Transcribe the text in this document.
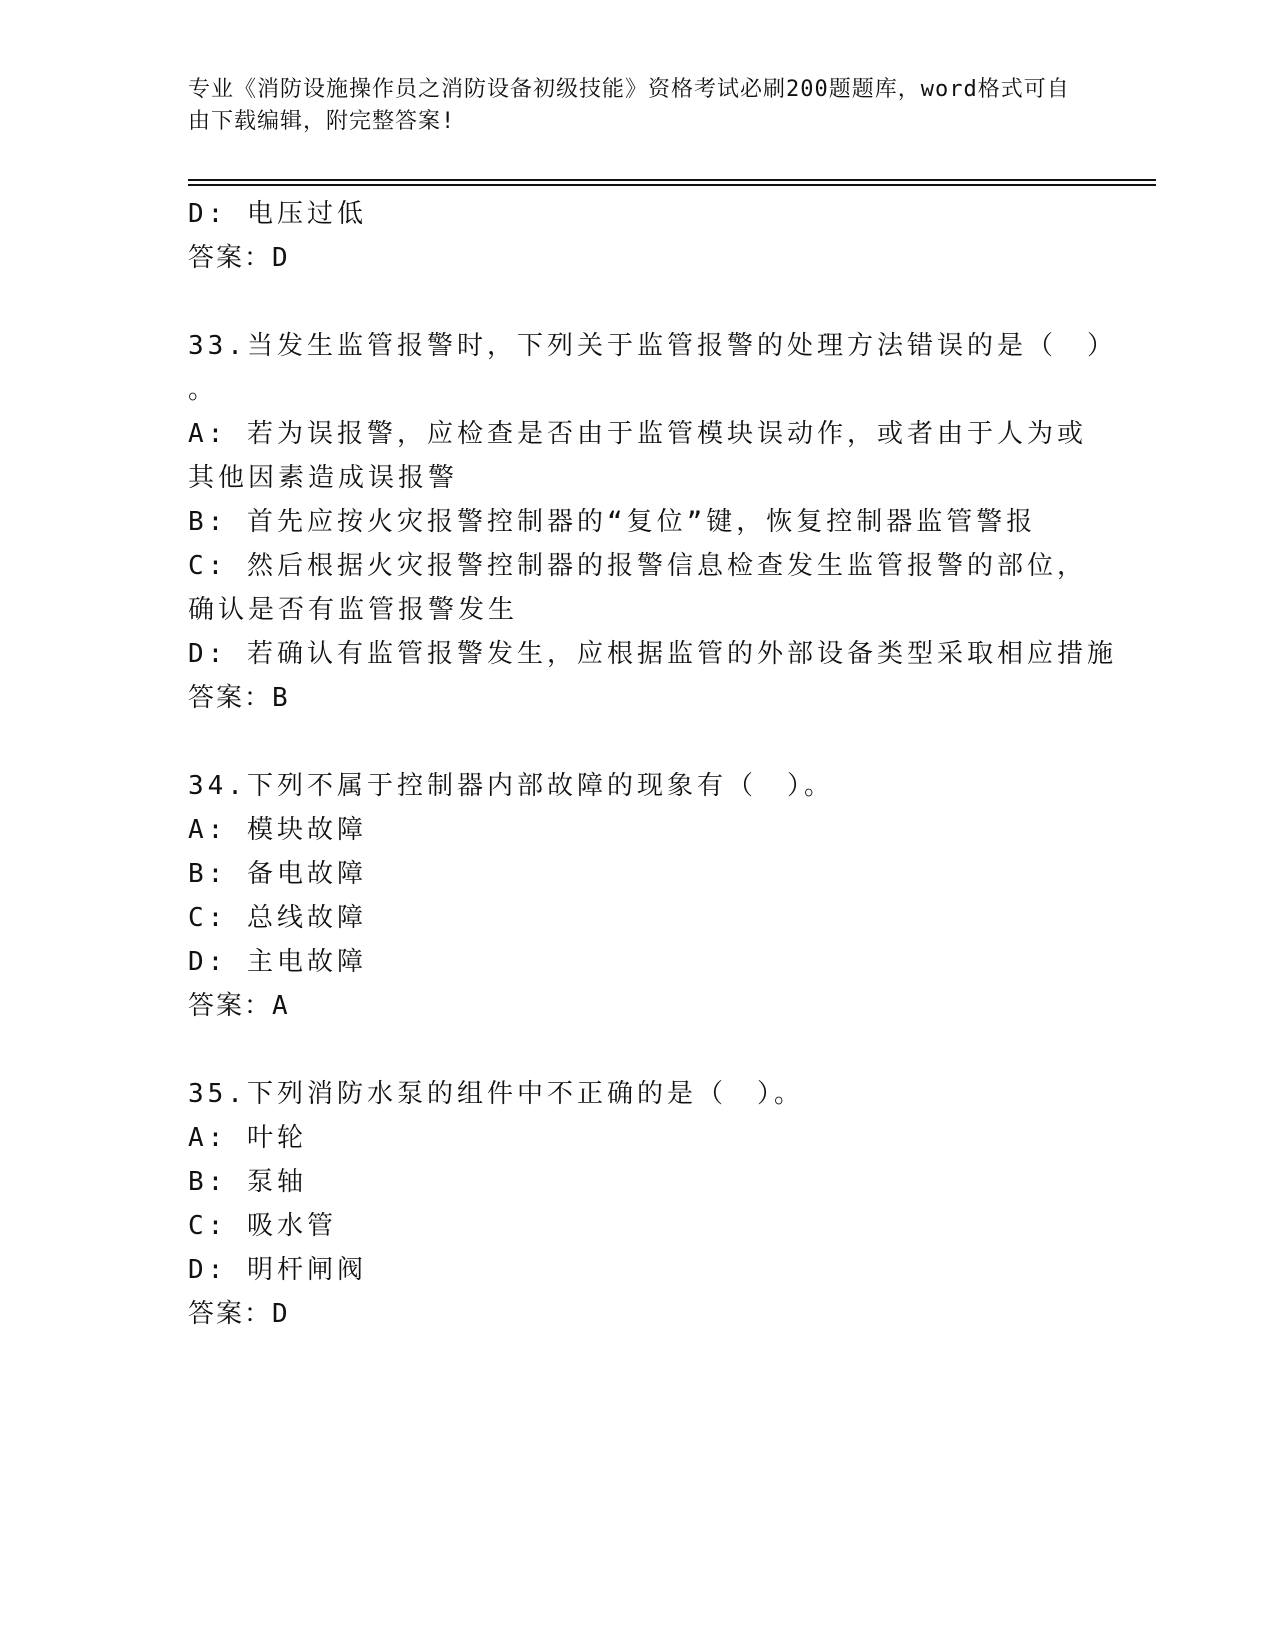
专业《消防设施操作员之消防设备初级技能》资格考试必刷200题题库，word格式可自由下载编辑，附完整答案!
D: 电压过低
答案：D
33.当发生监管报警时，下列关于监管报警的处理方法错误的是（　）
。
A: 若为误报警，应检查是否由于监管模块误动作，或者由于人为或其他因素造成误报警
B: 首先应按火灾报警控制器的“复位”键，恢复控制器监管警报
C: 然后根据火灾报警控制器的报警信息检查发生监管报警的部位，确认是否有监管报警发生
D: 若确认有监管报警发生，应根据监管的外部设备类型采取相应措施
答案：B
34.下列不属于控制器内部故障的现象有（　）。
A: 模块故障
B: 备电故障
C: 总线故障
D: 主电故障
答案：A
35.下列消防水泵的组件中不正确的是（　）。
A: 叶轮
B: 泵轴
C: 吸水管
D: 明杆闸阀
答案：D
